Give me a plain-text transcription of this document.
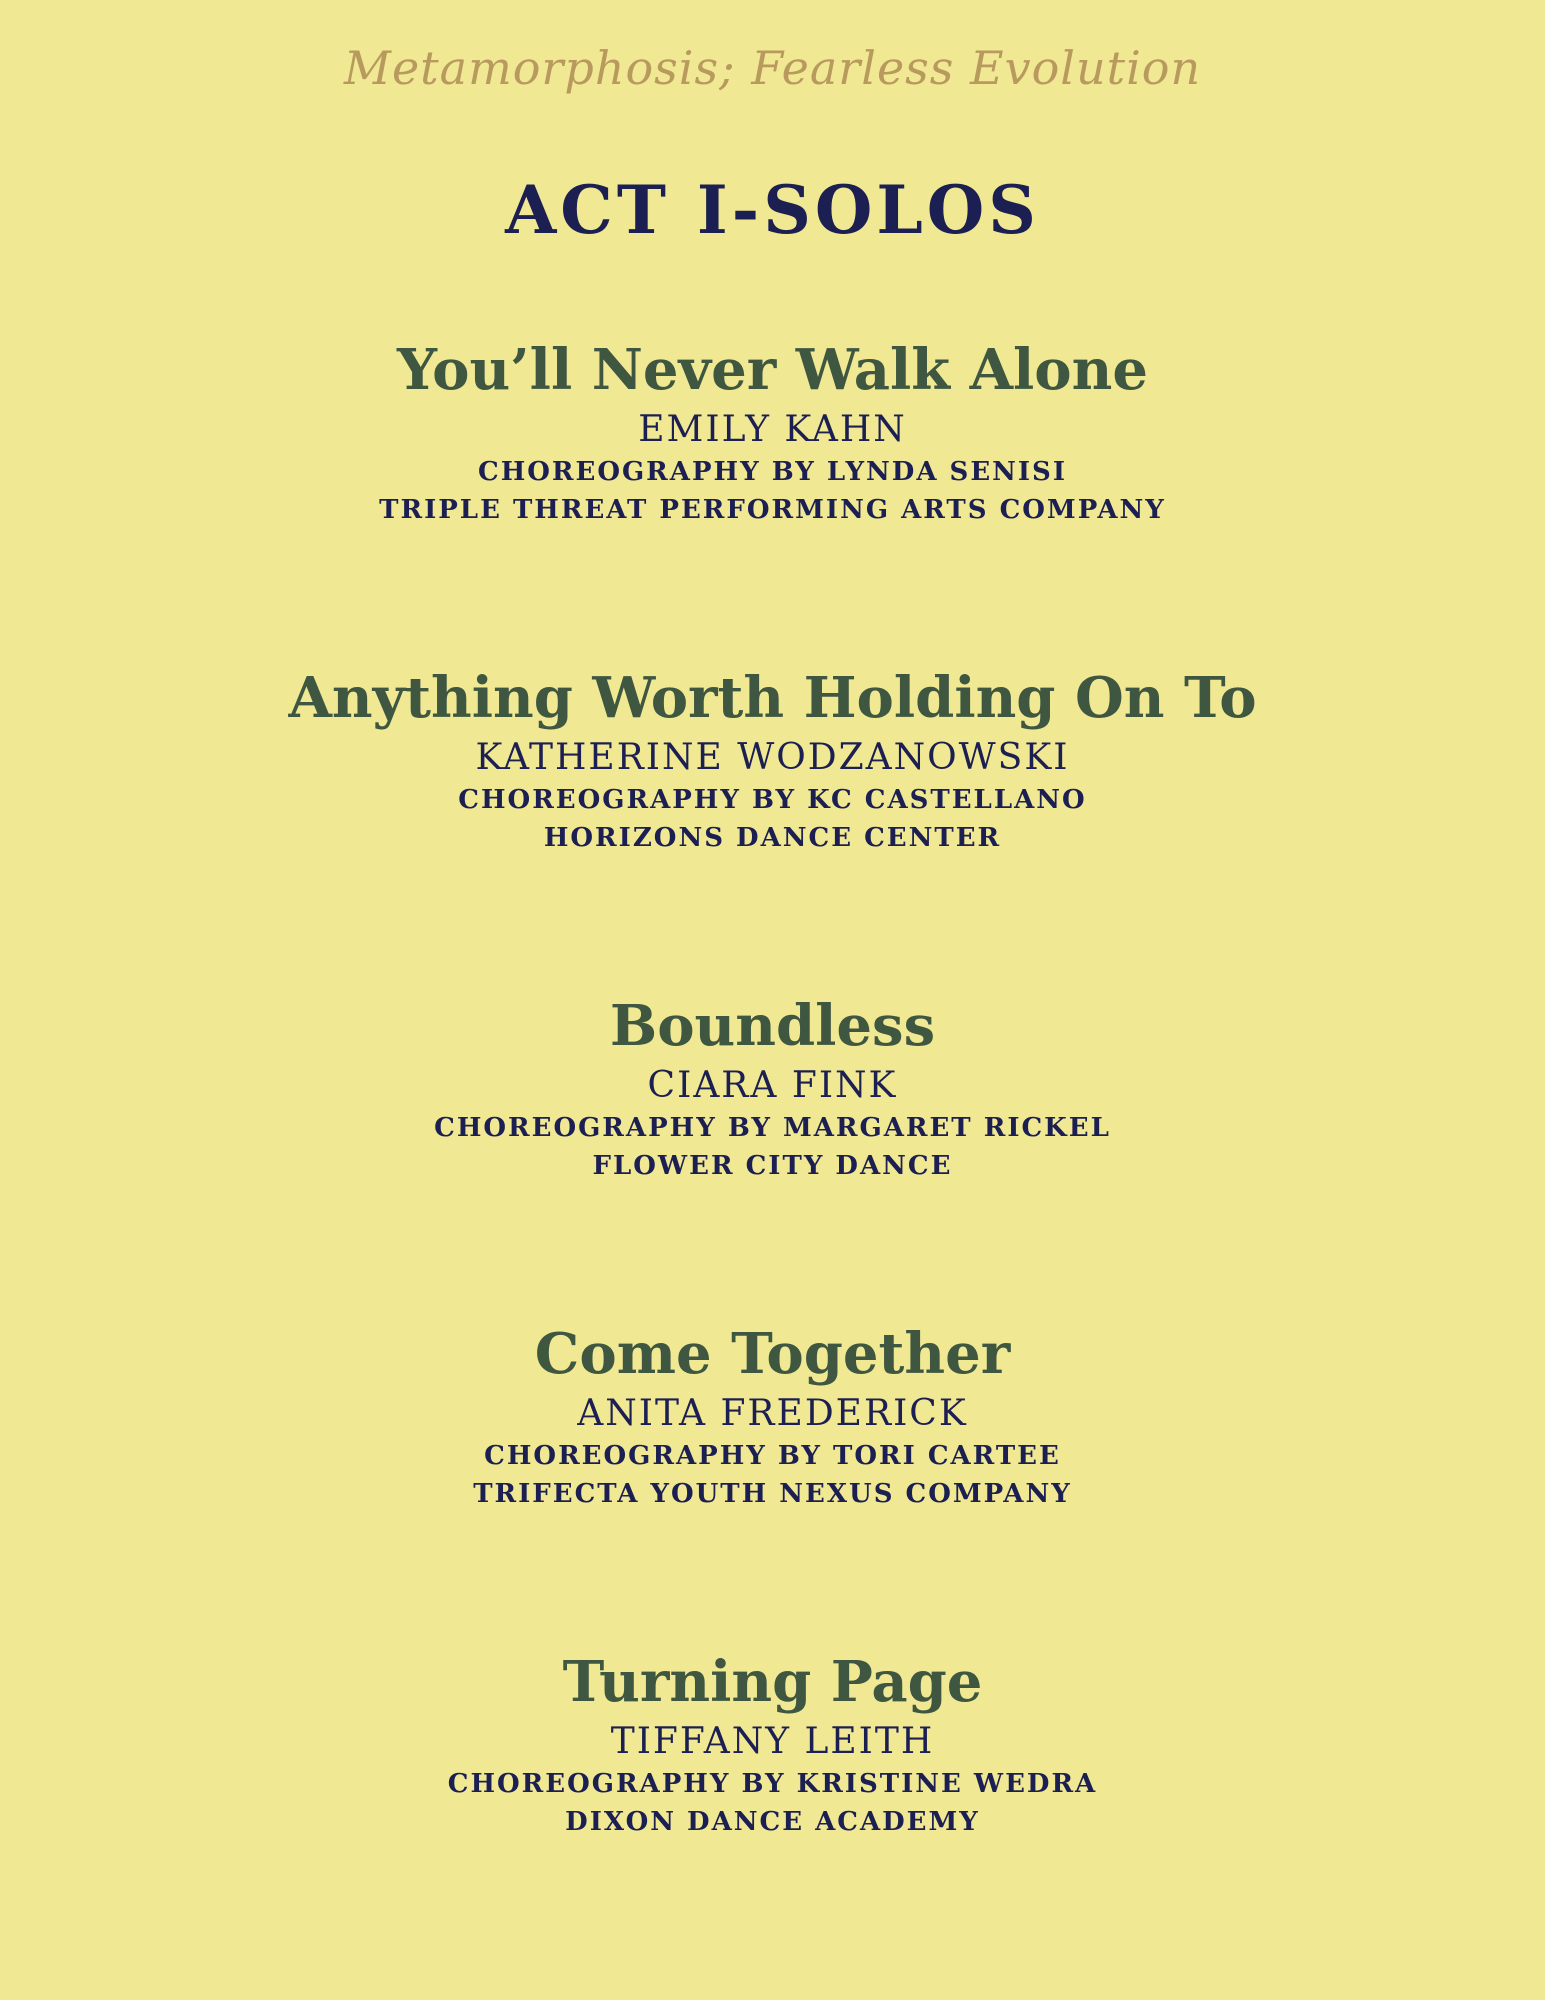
Metamorphosis; Fearless Evolution
ACT I-SOLOS
You’ll Never Walk Alone
EMILY KAHN
CHOREOGRAPHY BY LYNDA SENISI
TRIPLE THREAT PERFORMING ARTS COMPANY
Anything Worth Holding On To
KATHERINE WODZANOWSKI
CHOREOGRAPHY BY KC CASTELLANO
HORIZONS DANCE CENTER
Boundless
CIARA FINK
CHOREOGRAPHY BY MARGARET RICKEL
FLOWER CITY DANCE
Come Together
ANITA FREDERICK
CHOREOGRAPHY BY TORI CARTEE
TRIFECTA YOUTH NEXUS COMPANY
Turning Page
TIFFANY LEITH
CHOREOGRAPHY BY KRISTINE WEDRA
DIXON DANCE ACADEMY
